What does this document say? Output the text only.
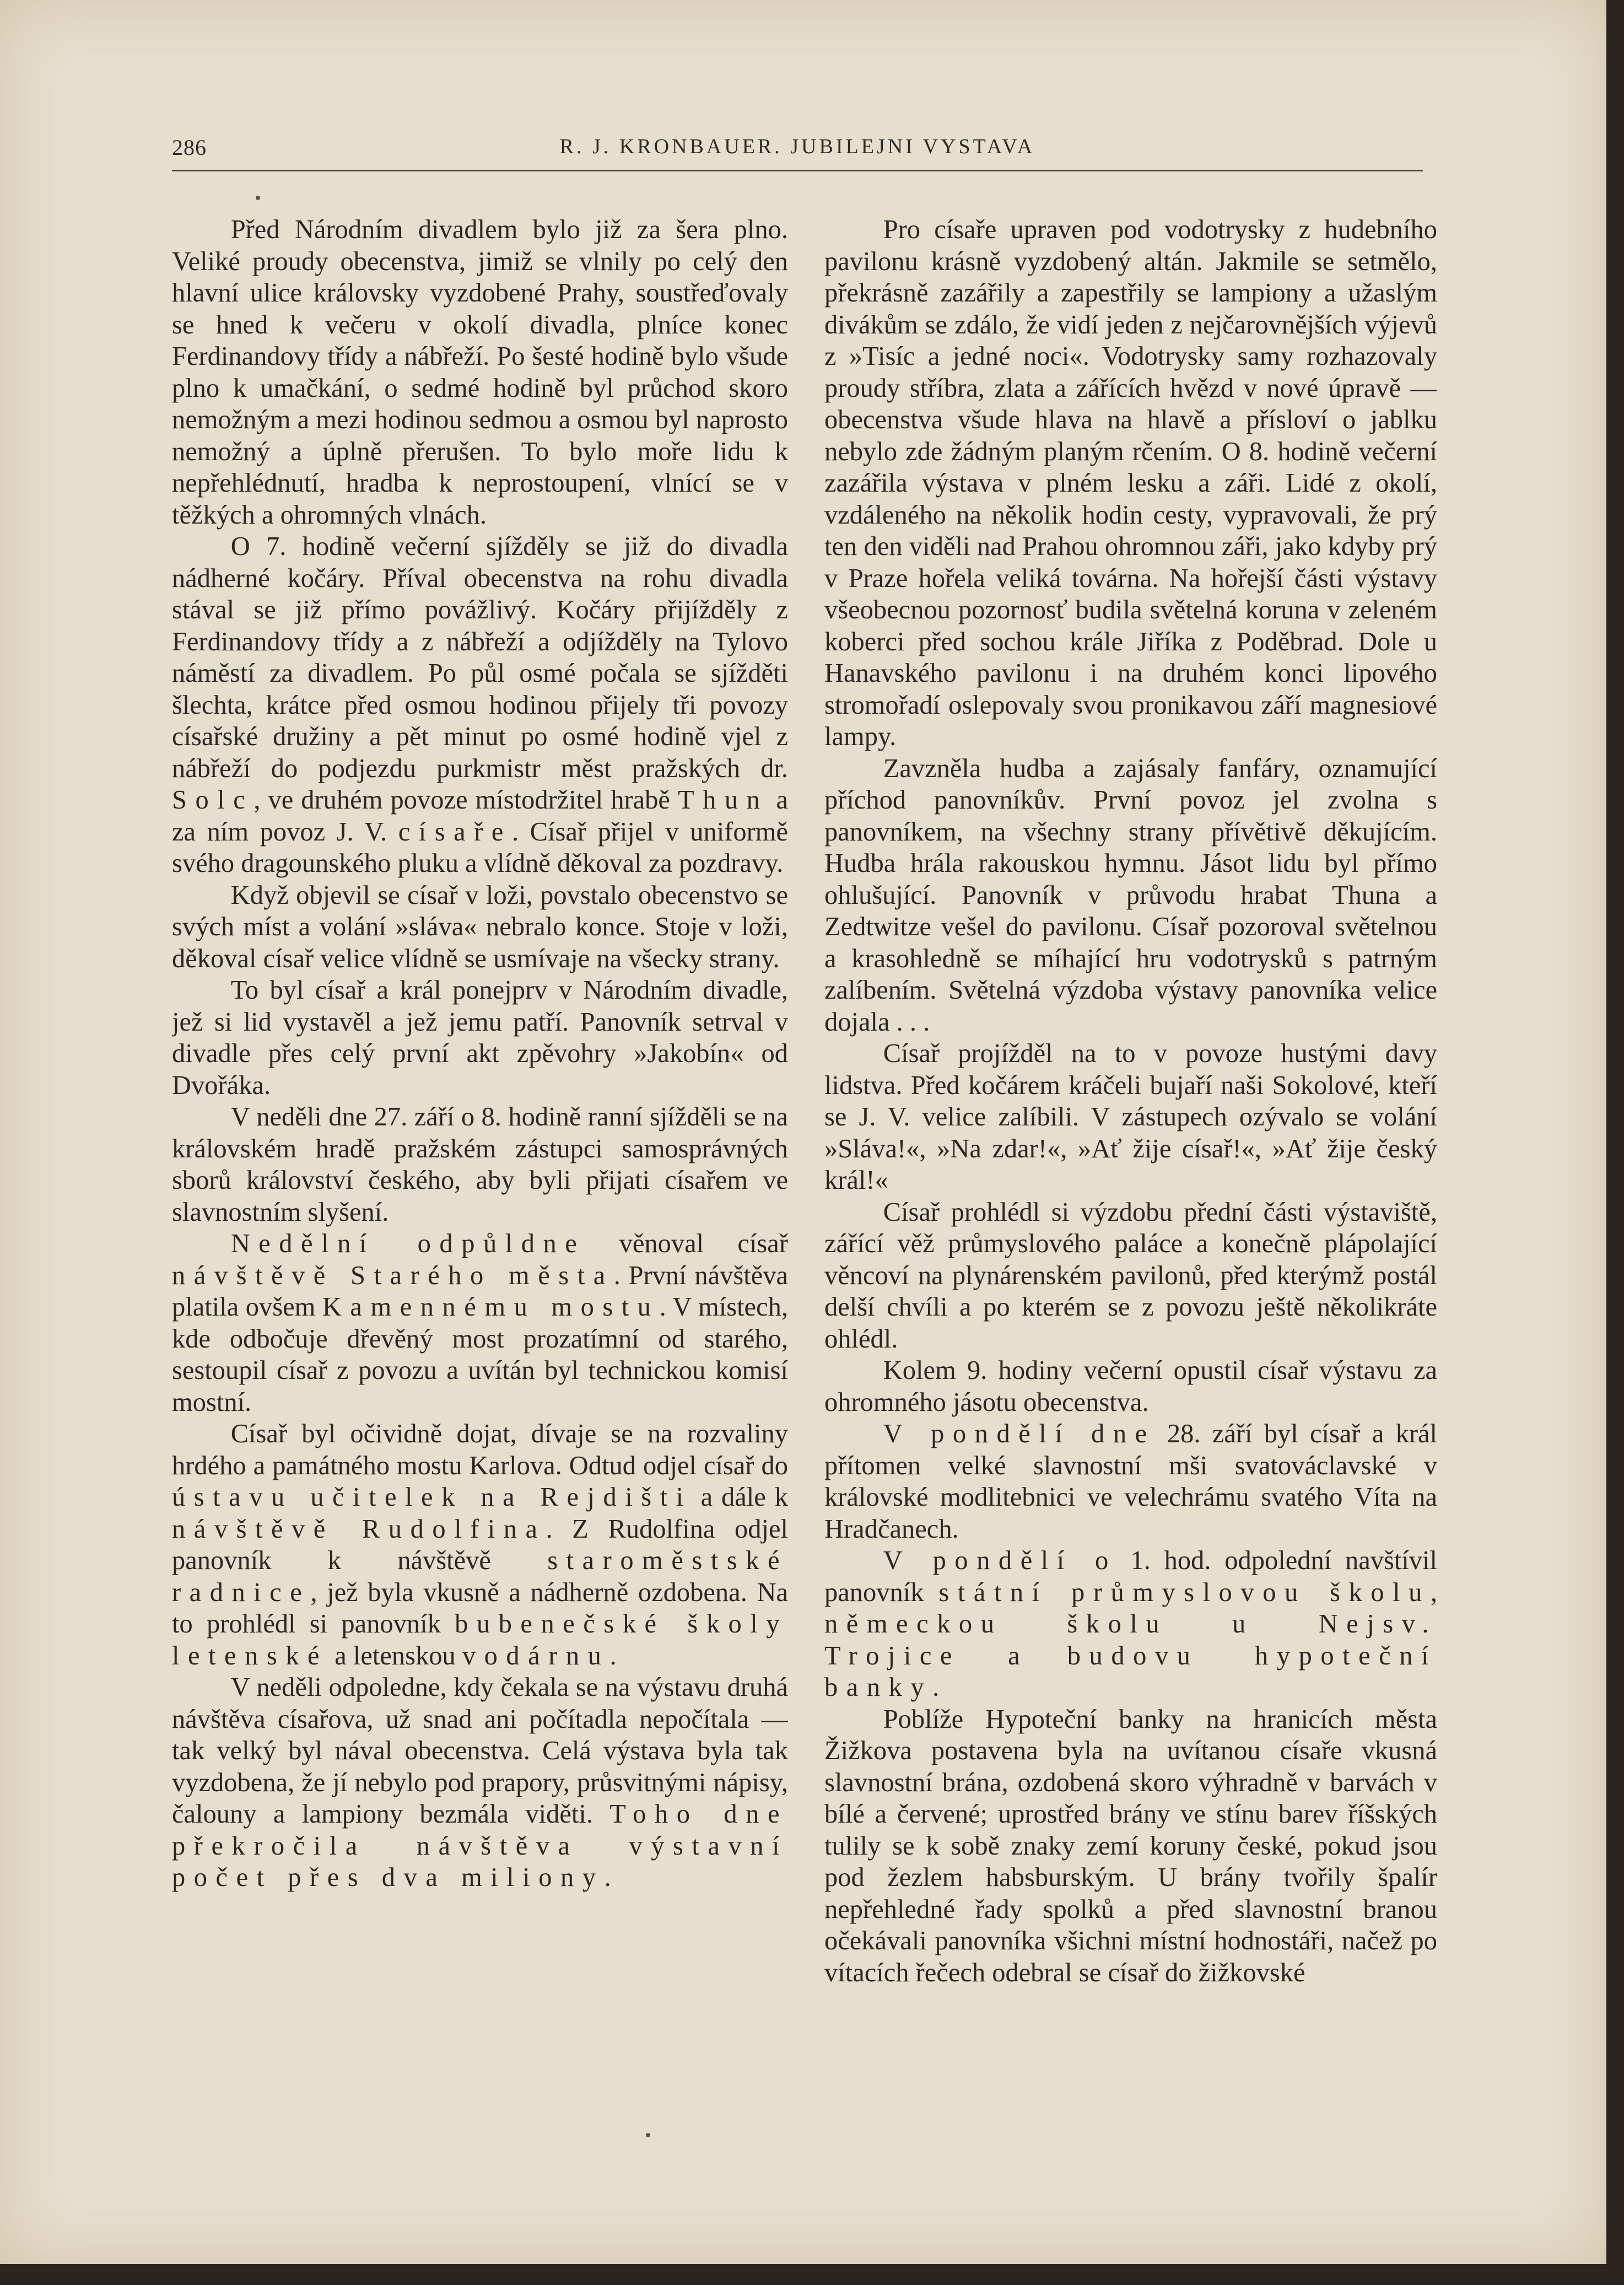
286	R. J. KRONBAUER. JUBILEJNI VYSTAVA

Před Národním divadlem bylo již za šera plno. Veliké proudy obecenstva, jimiž se vlnily po celý den hlavní ulice královsky vyzdobené Prahy, soustřeďovaly se hned k večeru v okolí divadla, plníce konec Ferdinandovy třídy a nábřeží. Po šesté hodině bylo všude plno k umačkání, o sedmé hodině byl průchod skoro nemožným a mezi hodinou sedmou a osmou byl naprosto nemožný a úplně přerušen. To bylo moře lidu k nepřehlédnutí, hradba k neprostoupení, vlnící se v těžkých a ohromných vlnách.

O 7. hodině večerní sjížděly se již do divadla nádherné kočáry. Příval obecenstva na rohu divadla stával se již přímo povážlivý. Kočáry přijížděly z Ferdinandovy třídy a z nábřeží a odjížděly na Tylovo náměstí za divadlem. Po půl osmé počala se sjížděti šlechta, krátce před osmou hodinou přijely tři povozy císařské družiny a pět minut po osmé hodině vjel z nábřeží do podjezdu purkmistr měst pražských dr. Solc, ve druhém povoze místodržitel hrabě Thun a za ním povoz J. V. císaře. Císař přijel v uniformě svého dragounského pluku a vlídně děkoval za pozdravy.

Když objevil se císař v loži, povstalo obecenstvo se svých míst a volání »sláva« nebralo konce. Stoje v loži, děkoval císař velice vlídně se usmívaje na všecky strany.

To byl císař a král ponejprv v Národním divadle, jež si lid vystavěl a jež jemu patří. Panovník setrval v divadle přes celý první akt zpěvohry »Jakobín« od Dvořáka.

V neděli dne 27. září o 8. hodině ranní sjížděli se na královském hradě pražském zástupci samosprávných sborů království českého, aby byli přijati císařem ve slavnostním slyšení.

Nedělní odpůldne věnoval císař návštěvě Starého města. První návštěva platila ovšem Kamennému mostu. V místech, kde odbočuje dřevěný most prozatímní od starého, sestoupil císař z povozu a uvítán byl technickou komisí mostní.

Císař byl očividně dojat, dívaje se na rozvaliny hrdého a památného mostu Karlova. Odtud odjel císař do ústavu učitelek na Rejdišti a dále k návštěvě Rudolfina. Z Rudolfina odjel panovník k návštěvě staroměstské radnice, jež byla vkusně a nádherně ozdobena. Na to prohlédl si panovník bubenečské školy letenské a letenskou vodárnu.

V neděli odpoledne, kdy čekala se na výstavu druhá návštěva císařova, už snad ani počítadla nepočítala — tak velký byl nával obecenstva. Celá výstava byla tak vyzdobena, že jí nebylo pod prapory, průsvitnými nápisy, čalouny a lampiony bezmála viděti. Toho dne překročila návštěva výstavní počet přes dva miliony.

Pro císaře upraven pod vodotrysky z hudebního pavilonu krásně vyzdobený altán. Jakmile se setmělo, překrásně zazářily a zapestřily se lampiony a užaslým divákům se zdálo, že vidí jeden z nejčarovnějších výjevů z »Tisíc a jedné noci«. Vodotrysky samy rozhazovaly proudy stříbra, zlata a zářících hvězd v nové úpravě — obecenstva všude hlava na hlavě a přísloví o jablku nebylo zde žádným planým rčením. O 8. hodině večerní zazářila výstava v plném lesku a záři. Lidé z okolí, vzdáleného na několik hodin cesty, vypravovali, že prý ten den viděli nad Prahou ohromnou záři, jako kdyby prý v Praze hořela veliká továrna. Na hořejší části výstavy všeobecnou pozornosť budila světelná koruna v zeleném koberci před sochou krále Jiříka z Poděbrad. Dole u Hanavského pavilonu i na druhém konci lipového stromořadí oslepovaly svou pronikavou září magnesiové lampy.

Zavzněla hudba a zajásaly fanfáry, oznamující příchod panovníkův. První povoz jel zvolna s panovníkem, na všechny strany přívětivě děkujícím. Hudba hrála rakouskou hymnu. Jásot lidu byl přímo ohlušující. Panovník v průvodu hrabat Thuna a Zedtwitze vešel do pavilonu. Císař pozoroval světelnou a krasohledně se míhající hru vodotrysků s patrným zalíbením. Světelná výzdoba výstavy panovníka velice dojala . . .

Císař projížděl na to v povoze hustými davy lidstva. Před kočárem kráčeli bujaří naši Sokolové, kteří se J. V. velice zalíbili. V zástupech ozývalo se volání »Sláva!«, »Na zdar!«, »Ať žije císař!«, »Ať žije český král!«

Císař prohlédl si výzdobu přední části výstaviště, zářící věž průmyslového paláce a konečně plápolající věncoví na plynárenském pavilonů, před kterýmž postál delší chvíli a po kterém se z povozu ještě několikráte ohlédl.

Kolem 9. hodiny večerní opustil císař výstavu za ohromného jásotu obecenstva.

V pondělí dne 28. září byl císař a král přítomen velké slavnostní mši svatováclavské v královské modlitebnici ve velechrámu svatého Víta na Hradčanech.

V pondělí o 1. hod. odpolední navštívil panovník státní průmyslovou školu, německou školu u Nejsv. Trojice a budovu hypoteční banky.

Poblíže Hypoteční banky na hranicích města Žižkova postavena byla na uvítanou císaře vkusná slavnostní brána, ozdobená skoro výhradně v barvách v bílé a červené; uprostřed brány ve stínu barev říšských tulily se k sobě znaky zemí koruny české, pokud jsou pod žezlem habsburským. U brány tvořily špalír nepřehledné řady spolků a před slavnostní branou očekávali panovníka všichni místní hodnostáři, načež po vítacích řečech odebral se císař do žižkovské
